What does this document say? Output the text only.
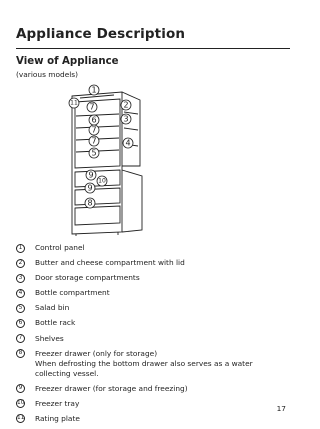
Appliance Description
View of Appliance

(various models)

1
2
3
4
5
6
7
7
7
8
9
9
10
11
1	Control panel
2	Butter and cheese compartment with lid
3	Door storage compartments
4	Bottle compartment
5	Salad bin
6	Bottle rack
7	Shelves
8	Freezer drawer (only for storage)
When defrosting the bottom drawer also serves as a water collecting vessel.
9	Freezer drawer (for storage and freezing)
10 Freezer tray
11 Rating plate

17
